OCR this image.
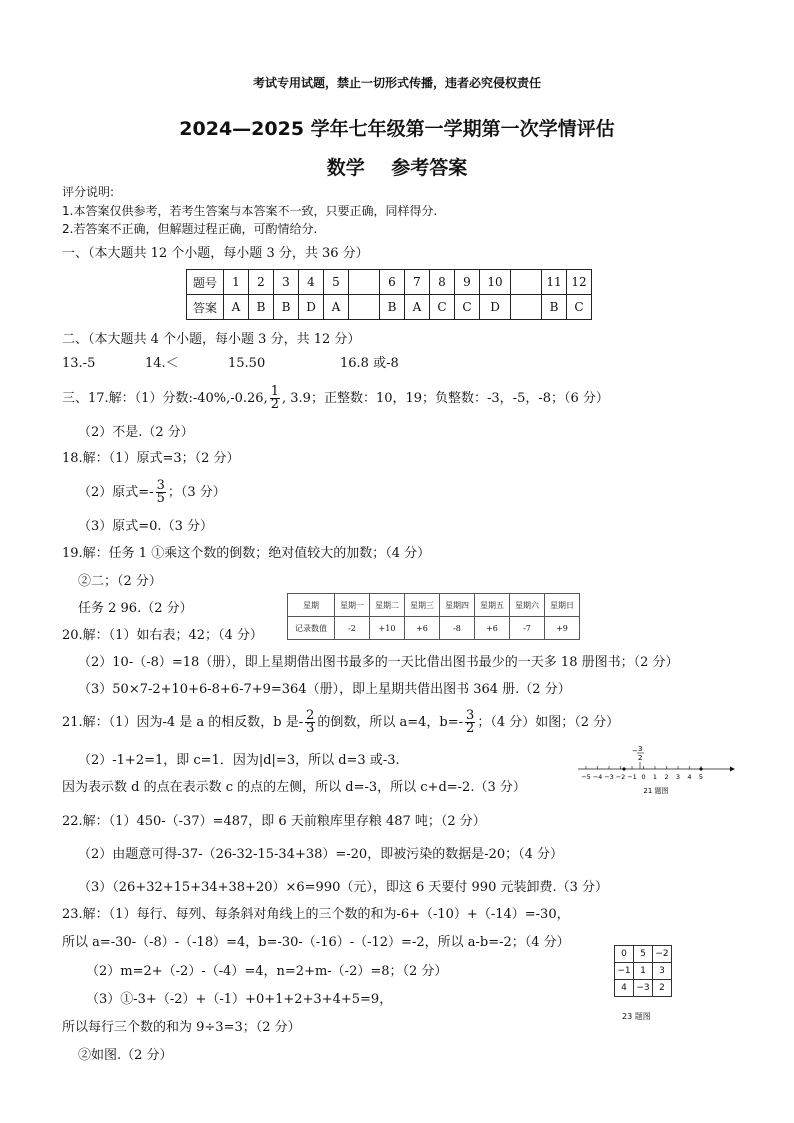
考试专用试题，禁止一切形式传播，违者必究侵权责任
2024—2025 学年七年级第一学期第一次学情评估
数学    参考答案
评分说明:
1.本答案仅供参考，若考生答案与本答案不一致，只要正确，同样得分.
2.若答案不正确，但解题过程正确，可酌情给分.
一、（本大题共 12 个小题，每小题 3 分，共 36 分）
题号	1	2	3	4	5		6	7	8	9	10		11	12
答案	A	B	B	D	A		B	A	C	C	D		B	C
二、（本大题共 4 个小题，每小题 3 分，共 12 分）
13.-5	14.＜	15.50	16.8 或-8
三、17.解：（1）分数:-40%,-0.26, $\frac{1}{2}$ , 3.9；正整数：10，19；负整数：-3，-5，-8；（6 分）
（2）不是.（2 分）
18.解：（1）原式=3；（2 分）
（2）原式=- $\frac{3}{5}$ ；（3 分）
（3）原式=0.（3 分）
19.解：任务 1 ①乘这个数的倒数；绝对值较大的加数；（4 分）
②二；（2 分）
任务 2 96.（2 分）	星期	星期一	星期二	星期三	星期四	星期五	星期六	星期日
记录数值	-2	+10	+6	-8	+6	-7	+9
20.解：（1）如右表；42；（4 分）
（2）10-（-8）=18（册），即上星期借出图书最多的一天比借出图书最少的一天多 18 册图书；（2 分）
（3）50×7-2+10+6-8+6-7+9=364（册），即上星期共借出图书 364 册.（2 分）
21.解：（1）因为-4 是 a 的相反数，b 是- $\frac{2}{3}$ 的倒数，所以 a=4，$b=- \frac{3}{2}$ ；（4 分）如图；（2 分）
（2）-1+2=1，即 c=1．因为|d|=3，所以 d=3 或-3.
因为表示数 d 的点在表示数 c 的点的左侧，所以 d=-3，所以 c+d=-2.（3 分）
− 3
2
−5 −4 −3 −2 −1 0 1 2 3 4 5
21 题图
22.解：（1）450-（-37）=487，即 6 天前粮库里存粮 487 吨；（2 分）
（2）由题意可得-37-（26-32-15-34+38）=-20，即被污染的数据是-20；（4 分）
（3）（26+32+15+34+38+20）×6=990（元），即这 6 天要付 990 元装卸费.（3 分）
23.解：（1）每行、每列、每条斜对角线上的三个数的和为-6+（-10）+（-14）=-30，
所以 a=-30-（-8）-（-18）=4，b=-30-（-16）-（-12）=-2，所以 a-b=-2；（4 分）
（2）m=2+（-2）-（-4）=4，n=2+m-（-2）=8；（2 分）
（3）①-3+（-2）+（-1）+0+1+2+3+4+5=9，
所以每行三个数的和为 9÷3=3；（2 分）
②如图.（2 分）
0	5	−2
−1	1	3
4	−3	2
23 题图
